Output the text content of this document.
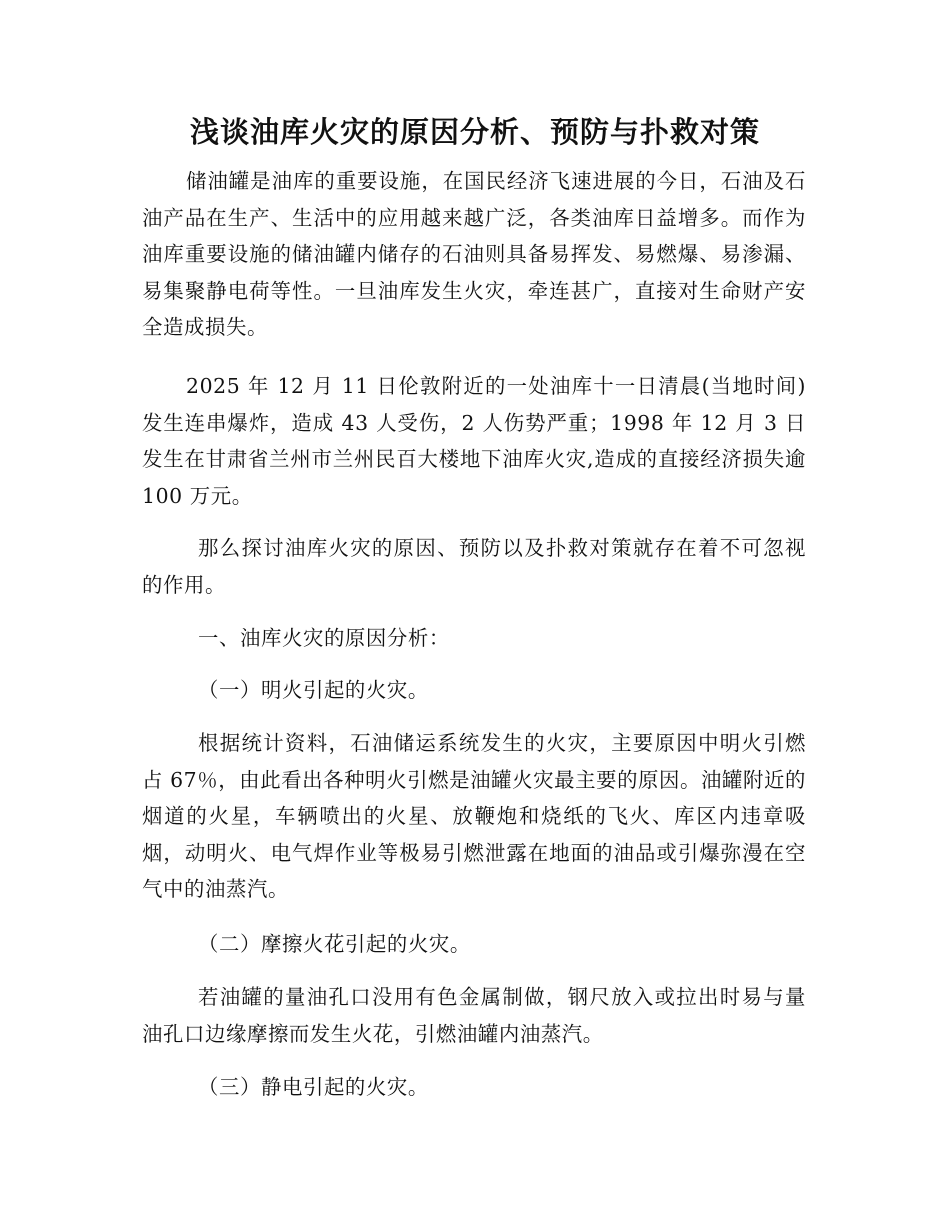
浅谈油库火灾的原因分析、预防与扑救对策

储油罐是油库的重要设施，在国民经济飞速进展的今日，石油及石油产品在生产、生活中的应用越来越广泛，各类油库日益增多。而作为油库重要设施的储油罐内储存的石油则具备易挥发、易燃爆、易渗漏、易集聚静电荷等性。一旦油库发生火灾，牵连甚广，直接对生命财产安全造成损失。

2025 年 12 月 11 日伦敦附近的一处油库十一日清晨(当地时间)发生连串爆炸，造成 43 人受伤，2 人伤势严重；1998 年 12 月 3 日发生在甘肃省兰州市兰州民百大楼地下油库火灾,造成的直接经济损失逾 100 万元。

那么探讨油库火灾的原因、预防以及扑救对策就存在着不可忽视的作用。

一、油库火灾的原因分析：

（一）明火引起的火灾。

根据统计资料，石油储运系统发生的火灾，主要原因中明火引燃占 67％，由此看出各种明火引燃是油罐火灾最主要的原因。油罐附近的烟道的火星，车辆喷出的火星、放鞭炮和烧纸的飞火、库区内违章吸烟，动明火、电气焊作业等极易引燃泄露在地面的油品或引爆弥漫在空气中的油蒸汽。

（二）摩擦火花引起的火灾。

若油罐的量油孔口没用有色金属制做，钢尺放入或拉出时易与量油孔口边缘摩擦而发生火花，引燃油罐内油蒸汽。

（三）静电引起的火灾。
